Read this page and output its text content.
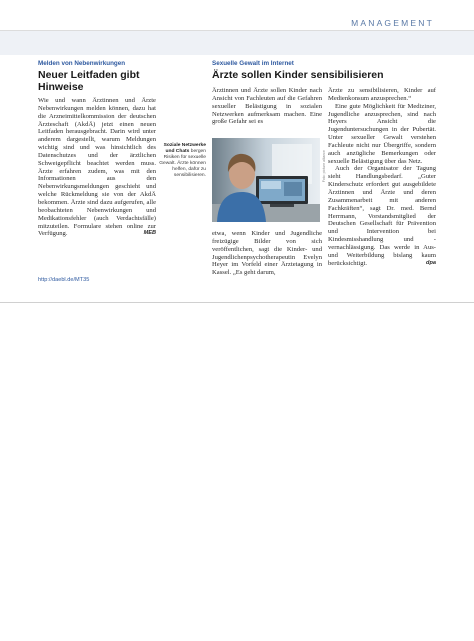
MANAGEMENT
Melden von Nebenwirkungen
Neuer Leitfaden gibt Hinweise

Wie und wann Ärztinnen und Ärzte Nebenwirkungen melden können, dazu hat die Arzneimittelkommission der deutschen Ärzteschaft (AkdÄ) jetzt einen neuen Leitfaden herausgebracht. Darin wird unter anderem dargestellt, warum Meldungen wichtig sind und was hinsichtlich des Datenschutzes und der ärztlichen Schweigepflicht beachtet werden muss. Ärzte erfahren zudem, was mit den Informationen aus den Nebenwirkungsmeldungen geschieht und welche Rückmeldung sie von der AkdÄ bekommen. Ärzte sind dazu aufgerufen, alle beobachteten Nebenwirkungen und Medikationsfehler (auch Verdachtsfälle) mitzuteilen. Formulare stehen online zur Verfügung.	MEB

http://daebl.de/MT35
Sexuelle Gewalt im Internet
Ärzte sollen Kinder sensibilisieren

Ärztinnen und Ärzte sollen Kinder nach Ansicht von Fachleuten auf die Gefahren sexueller Belästigung in sozialen Netzwerken aufmerksam machen. Eine große Gefahr sei es

Soziale Netzwerke und Chats bergen Risiken für sexuelle Gewalt. Ärzte können helfen, dafür zu sensibilisieren.	Foto: picture alliance

etwa, wenn Kinder und Jugendliche freizügige Bilder von sich veröffentlichen, sagt die Kinder- und Jugendlichenpsychotherapeutin Evelyn Heyer im Vorfeld einer Ärztetagung in Kassel. „Es geht darum,

Ärzte zu sensibilisieren, Kinder auf Medienkonsum anzusprechen.“

Eine gute Möglichkeit für Mediziner, Jugendliche anzusprechen, sind nach Heyers Ansicht die Jugenduntersuchungen in der Pubertät. Unter sexueller Gewalt verstehen Fachleute nicht nur Übergriffe, sondern auch anzügliche Bemerkungen oder sexuelle Belästigung über das Netz.

Auch der Organisator der Tagung sieht Handlungsbedarf. „Guter Kinderschutz erfordert gut ausgebildete Ärztinnen und Ärzte und deren Zusammenarbeit mit anderen Fachkräften“, sagt Dr. med. Bernd Herrmann, Vorstandsmitglied der Deutschen Gesellschaft für Prävention und Intervention bei Kindesmisshandlung und -vernachlässigung. Das werde in Aus- und Weiterbildung bislang kaum berücksichtigt.	dpa
